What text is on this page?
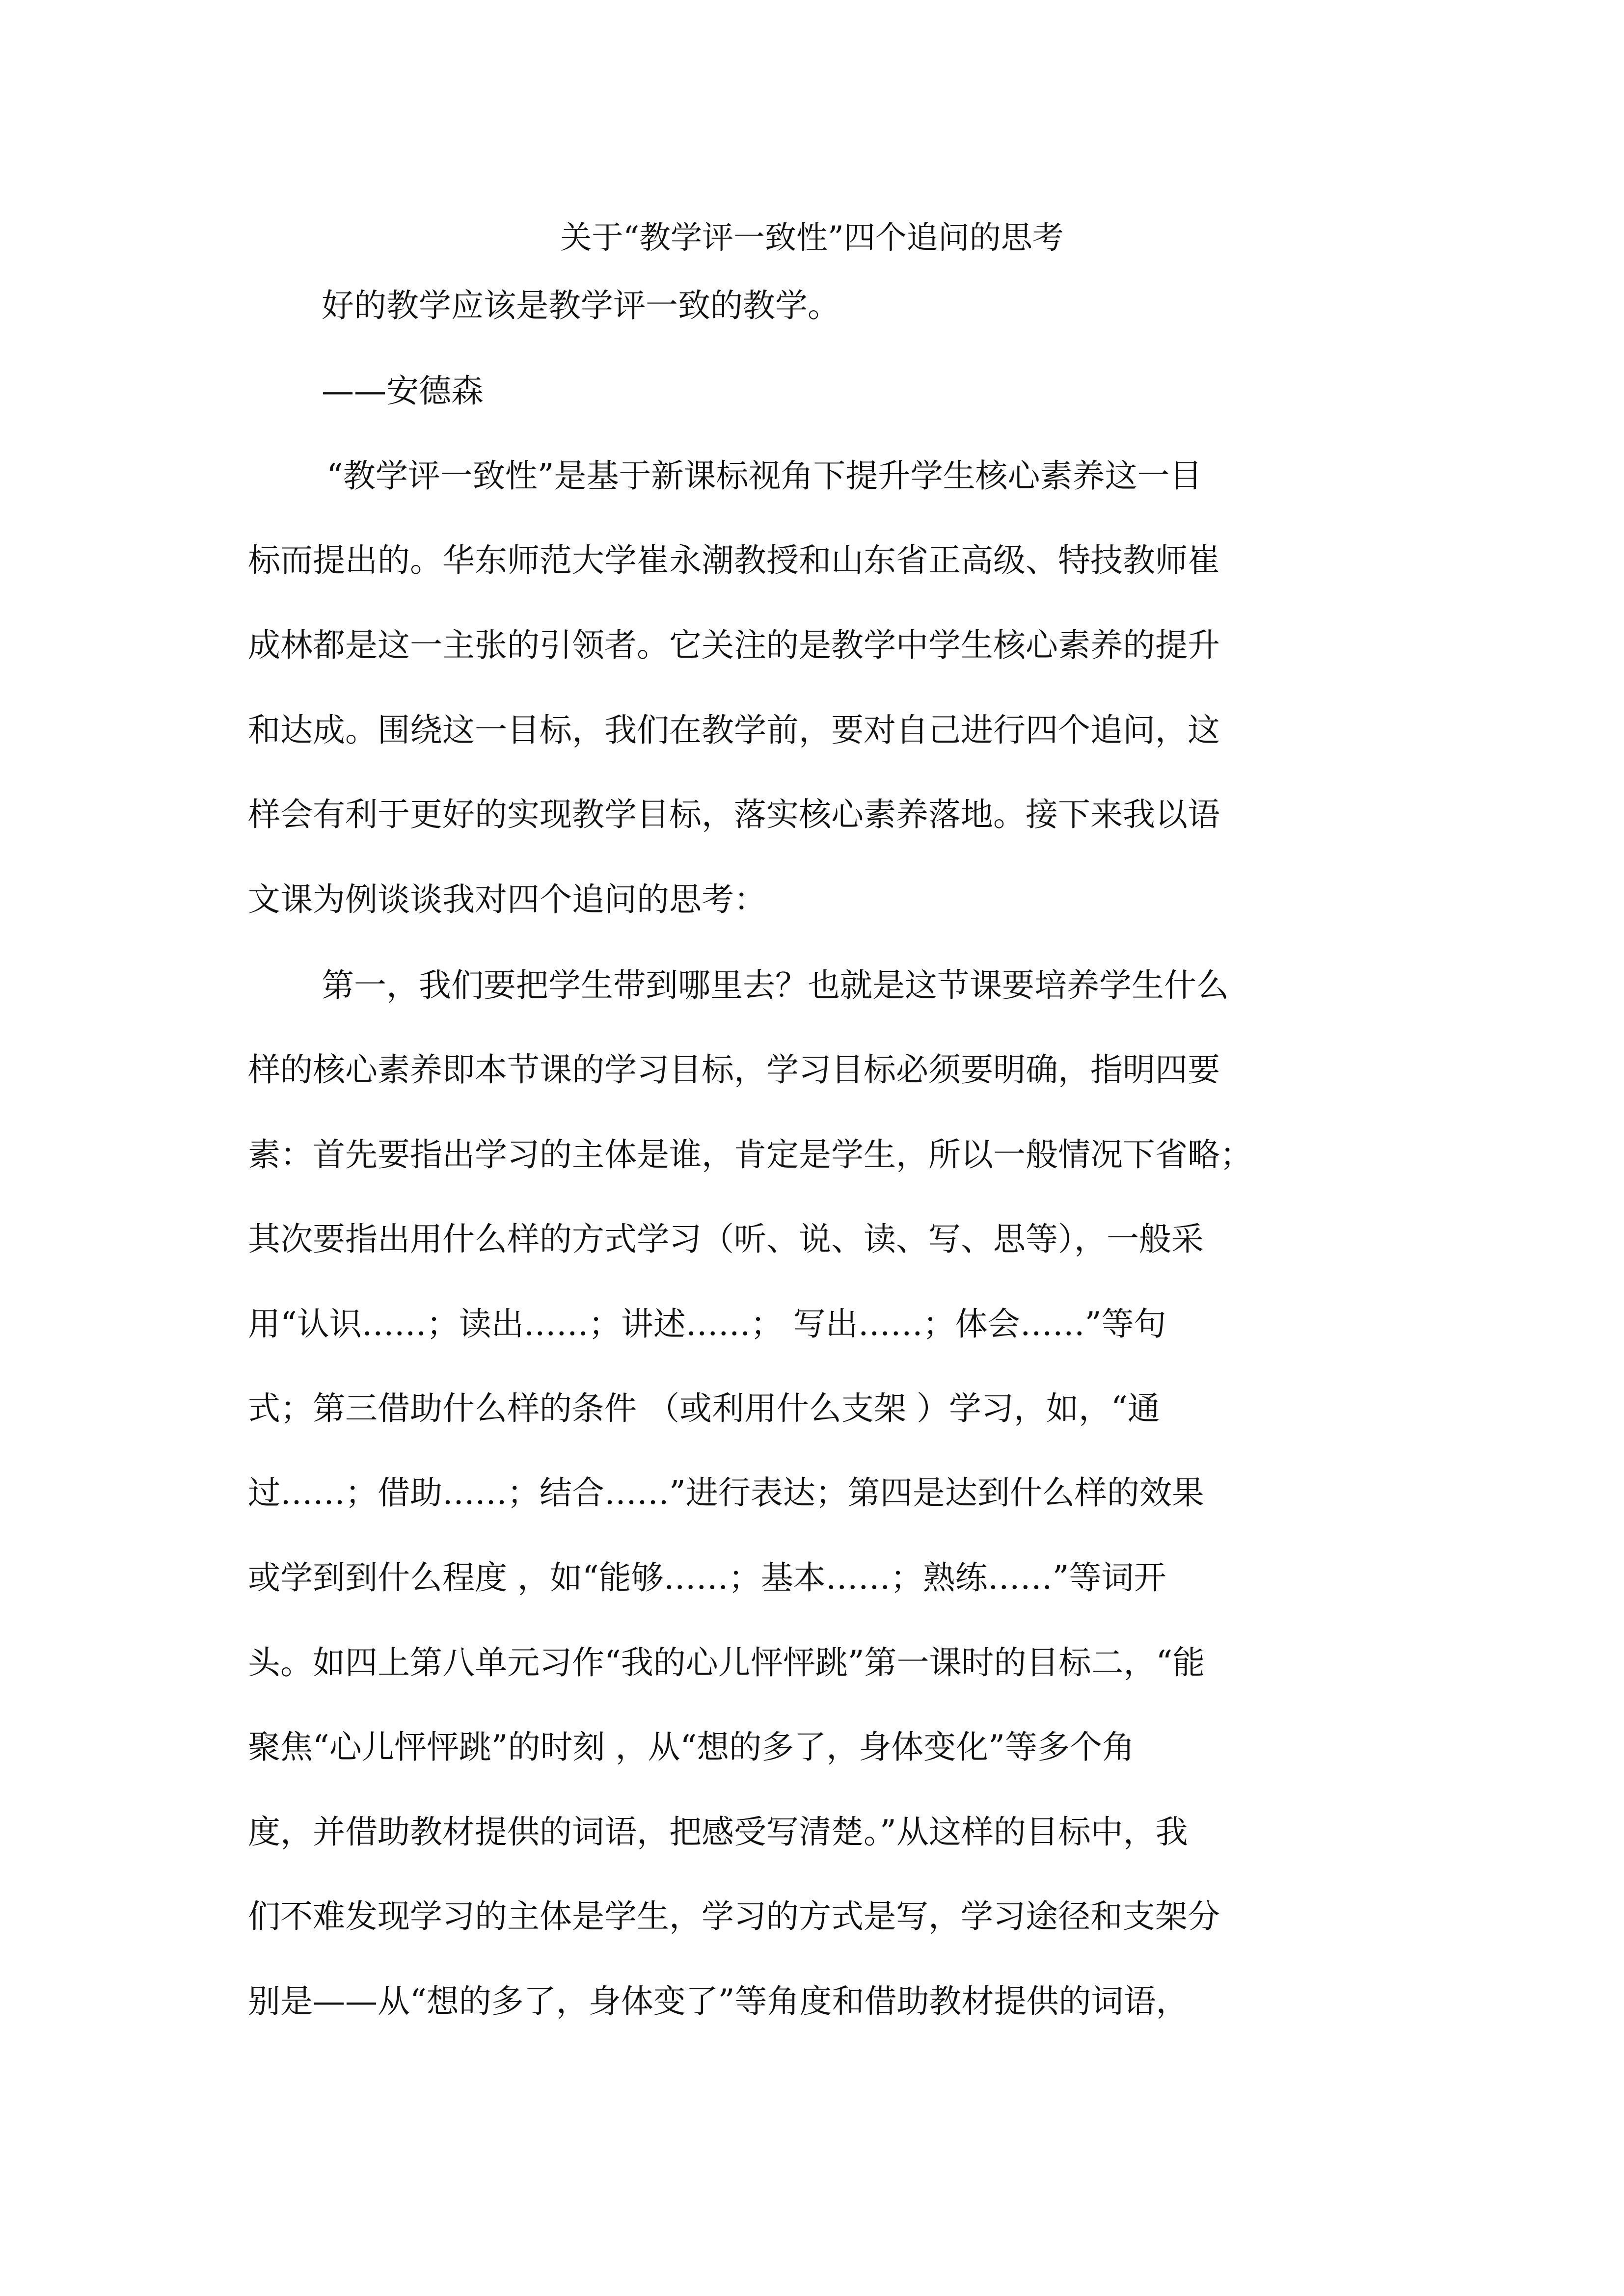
关于“教学评一致性”四个追问的思考

好的教学应该是教学评一致的教学。

——安德森

“教学评一致性”是基于新课标视角下提升学生核心素养这一目

标而提出的。华东师范大学崔永潮教授和山东省正高级、特技教师崔

成林都是这一主张的引领者。它关注的是教学中学生核心素养的提升

和达成。围绕这一目标，我们在教学前，要对自己进行四个追问，这

样会有利于更好的实现教学目标，落实核心素养落地。接下来我以语

文课为例谈谈我对四个追问的思考：

第一，我们要把学生带到哪里去？也就是这节课要培养学生什么

样的核心素养即本节课的学习目标，学习目标必须要明确，指明四要

素：首先要指出学习的主体是谁，肯定是学生，所以一般情况下省略；

其次要指出用什么样的方式学习（听、说、读、写、思等），一般采

用“认识……；读出……；讲述……； 写出……；体会……”等句

式；第三借助什么样的条件 （或利用什么支架 ）学习，如，“通

过……；借助……；结合……”进行表达；第四是达到什么样的效果

或学到到什么程度 ，如“能够……；基本……；熟练……”等词开

头。如四上第八单元习作“我的心儿怦怦跳”第一课时的目标二，“能

聚焦“心儿怦怦跳”的时刻 ，从“想的多了，身体变化”等多个角

度，并借助教材提供的词语，把感受写清楚。”从这样的目标中，我

们不难发现学习的主体是学生，学习的方式是写，学习途径和支架分

别是——从“想的多了，身体变了”等角度和借助教材提供的词语，
